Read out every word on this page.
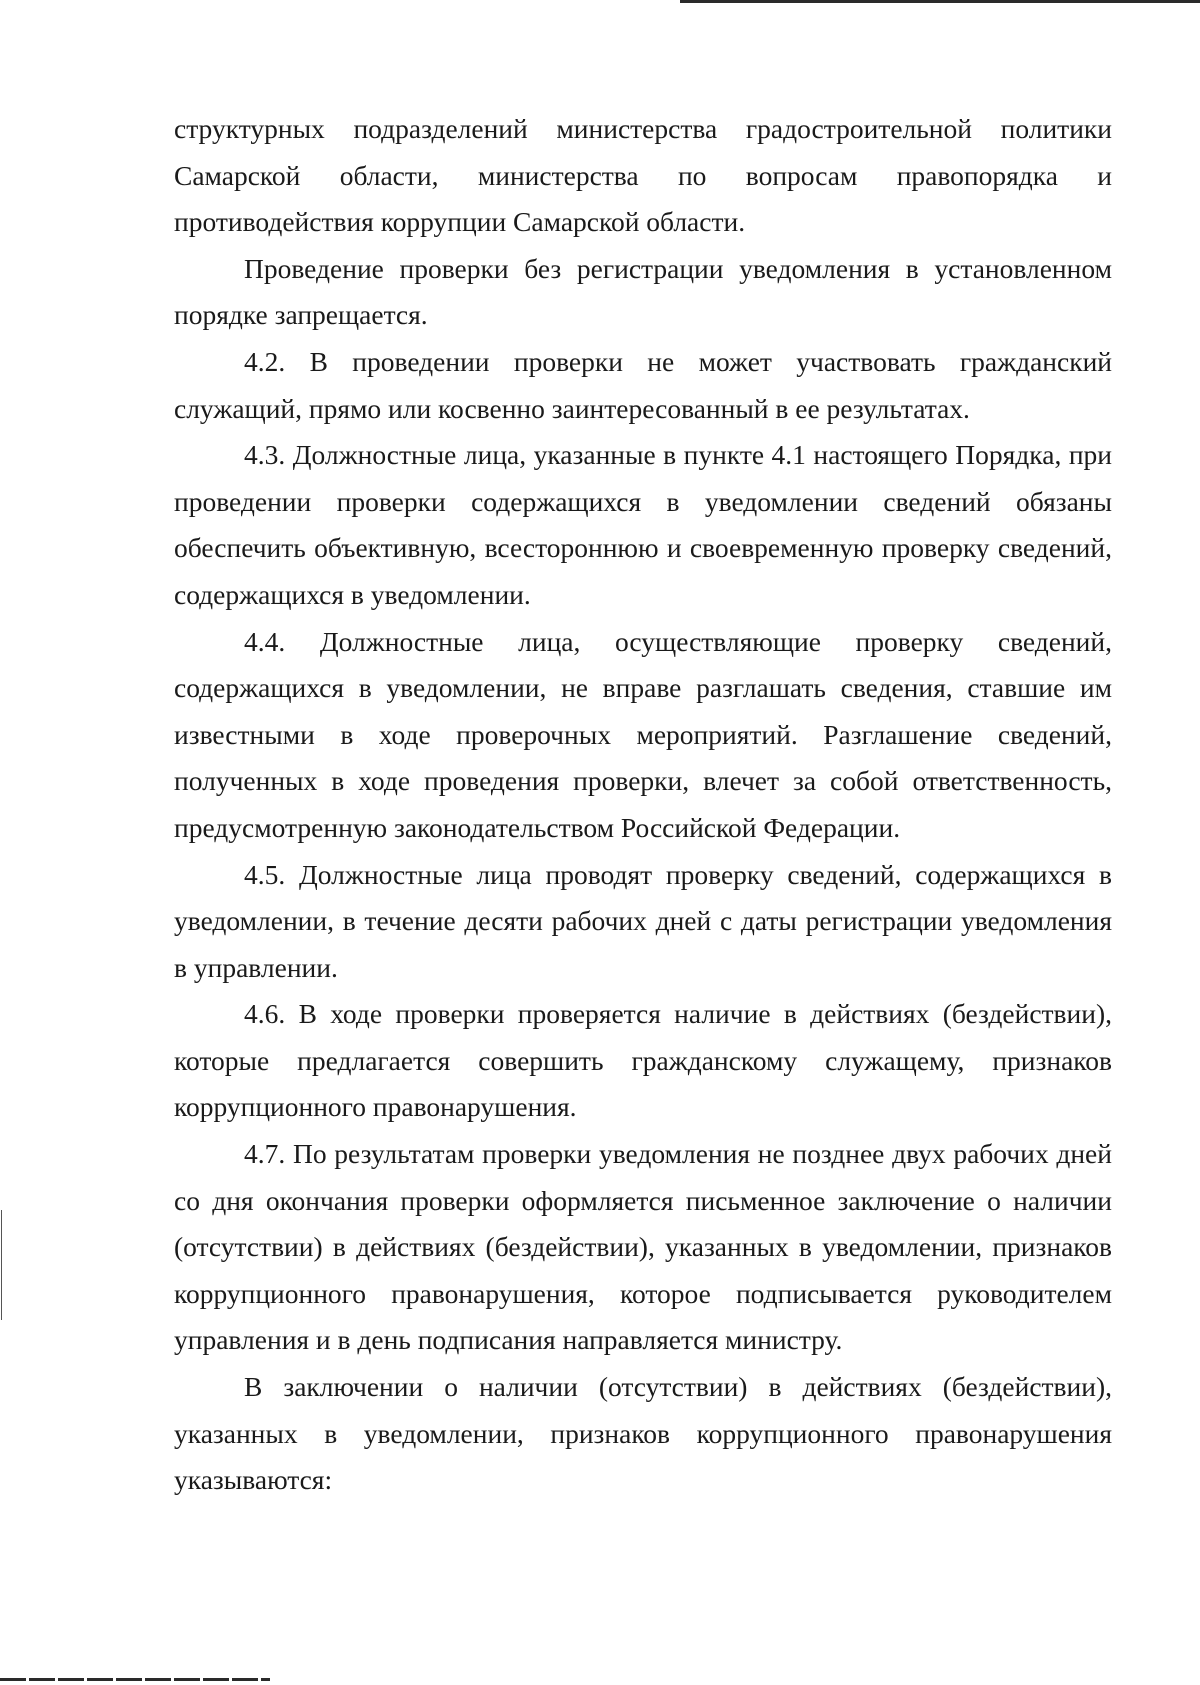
структурных подразделений министерства градостроительной политики Самарской области, министерства по вопросам правопорядка и противодействия коррупции Самарской области.

Проведение проверки без регистрации уведомления в установленном порядке запрещается.

4.2. В проведении проверки не может участвовать гражданский служащий, прямо или косвенно заинтересованный в ее результатах.

4.3. Должностные лица, указанные в пункте 4.1 настоящего Порядка, при проведении проверки содержащихся в уведомлении сведений обязаны обеспечить объективную, всестороннюю и своевременную проверку сведений, содержащихся в уведомлении.

4.4. Должностные лица, осуществляющие проверку сведений, содержащихся в уведомлении, не вправе разглашать сведения, ставшие им известными в ходе проверочных мероприятий. Разглашение сведений, полученных в ходе проведения проверки, влечет за собой ответственность, предусмотренную законодательством Российской Федерации.

4.5. Должностные лица проводят проверку сведений, содержащихся в уведомлении, в течение десяти рабочих дней с даты регистрации уведомления в управлении.

4.6. В ходе проверки проверяется наличие в действиях (бездействии), которые предлагается совершить гражданскому служащему, признаков коррупционного правонарушения.

4.7. По результатам проверки уведомления не позднее двух рабочих дней со дня окончания проверки оформляется письменное заключение о наличии (отсутствии) в действиях (бездействии), указанных в уведомлении, признаков коррупционного правонарушения, которое подписывается руководителем управления и в день подписания направляется министру.

В заключении о наличии (отсутствии) в действиях (бездействии), указанных в уведомлении, признаков коррупционного правонарушения указываются:
